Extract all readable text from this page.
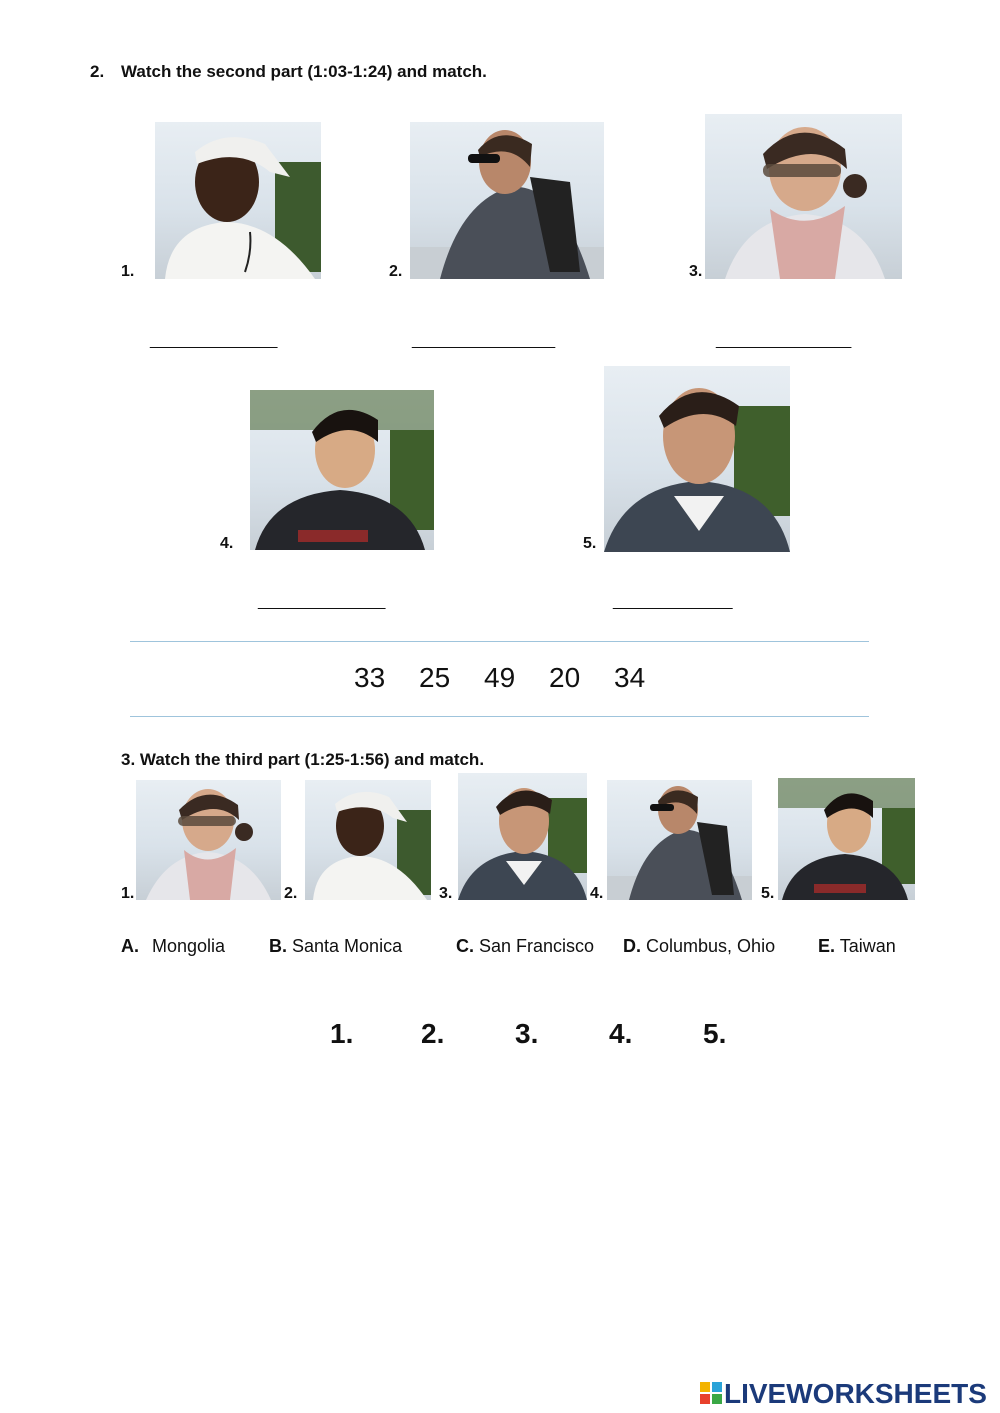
2. Watch the second part (1:03-1:24) and match.
1.	2.	3.
________________	__________________	_________________
4.	5.
________________	_______________
33 25 49 20 34
3. Watch the third part (1:25-1:56) and match.
1.	2.	3.	4.	5.
A. Mongolia B. Santa Monica	C. San Francisco D. Columbus, Ohio E. Taiwan
1. 2.	3.	4.	5.
LIVEWORKSHEETS
